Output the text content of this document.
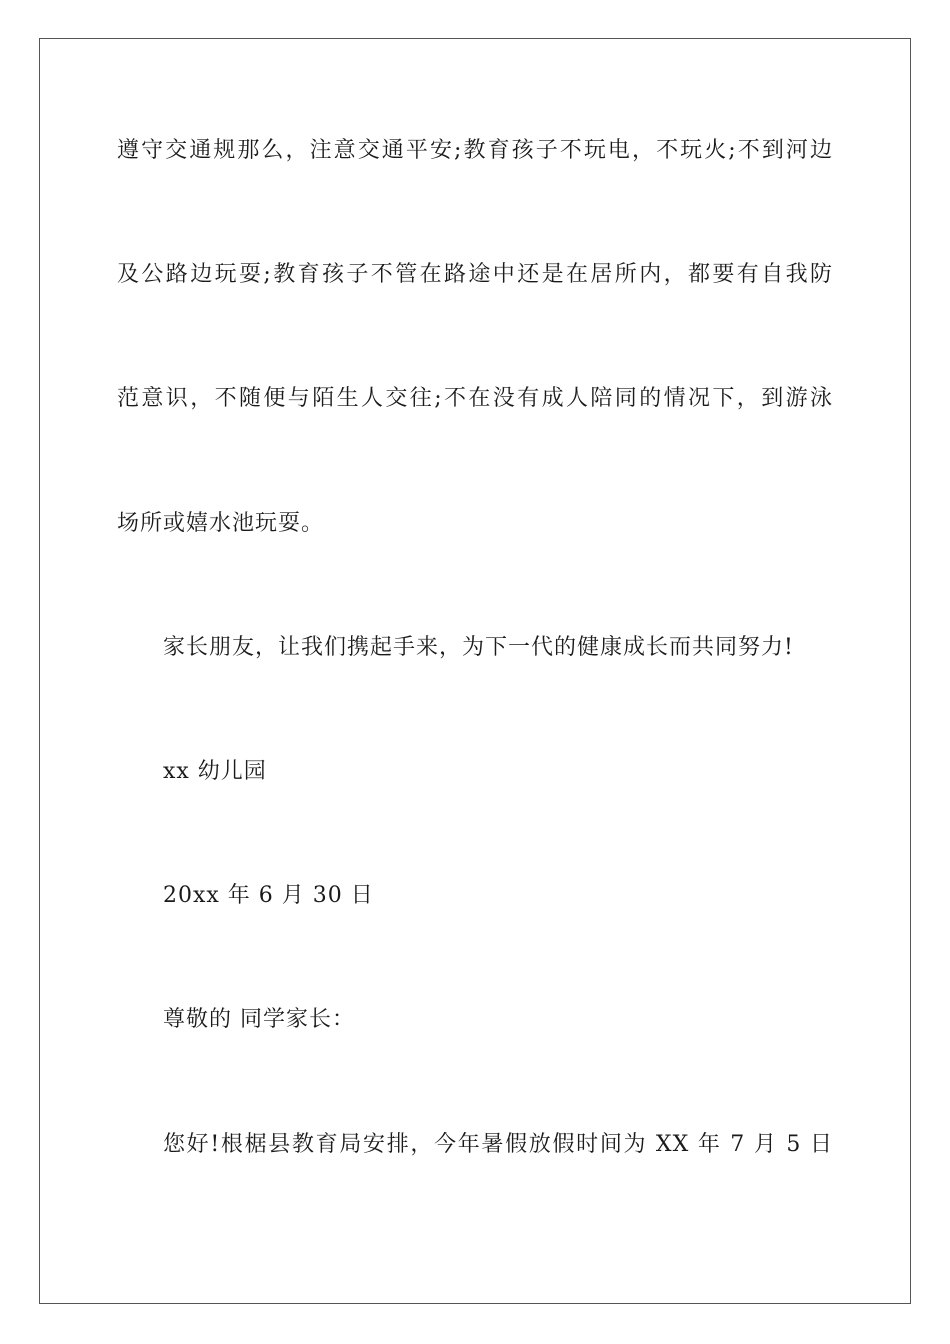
遵守交通规那么，注意交通平安;教育孩子不玩电，不玩火;不到河边
及公路边玩耍;教育孩子不管在路途中还是在居所内，都要有自我防
范意识，不随便与陌生人交往;不在没有成人陪同的情况下，到游泳
场所或嬉水池玩耍。
家长朋友，让我们携起手来，为下一代的健康成长而共同努力!
xx 幼儿园
20xx 年 6 月 30 日
尊敬的 同学家长：
您好!根椐县教育局安排，今年暑假放假时间为 XX 年 7 月 5 日
